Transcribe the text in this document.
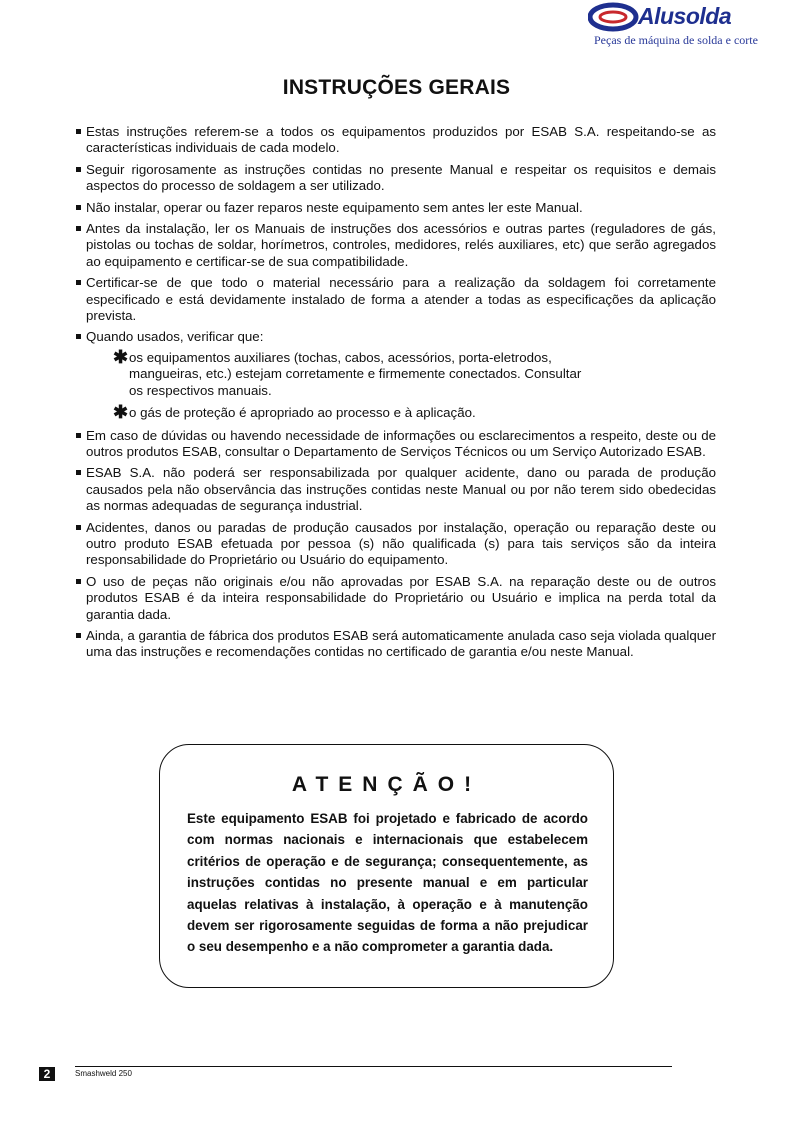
Alusolda
Peças de máquina de solda e corte
INSTRUÇÕES GERAIS
Estas instruções referem-se a todos os equipamentos produzidos por ESAB S.A. respeitando-se as características individuais de cada modelo.
Seguir rigorosamente as instruções contidas no presente Manual e respeitar os requisitos e demais aspectos do processo de soldagem a ser utilizado.
Não instalar, operar ou fazer reparos neste equipamento sem antes ler este Manual.
Antes da instalação, ler os Manuais de instruções dos acessórios e outras partes (reguladores de gás, pistolas ou tochas de soldar, horímetros, controles, medidores, relés auxiliares, etc) que serão agregados ao equipamento e certificar-se de sua compatibilidade.
Certificar-se de que todo o material necessário para a realização da soldagem foi corretamente especificado e está devidamente instalado de forma a atender a todas as especificações da aplicação prevista.
Quando usados, verificar que:
✱ os equipamentos auxiliares (tochas, cabos, acessórios, porta-eletrodos, mangueiras, etc.) estejam corretamente e firmemente conectados. Consultar os respectivos manuais.
✱ o gás de proteção é apropriado ao processo e à aplicação.
Em caso de dúvidas ou havendo necessidade de informações ou esclarecimentos a respeito, deste ou de outros produtos ESAB, consultar o Departamento de Serviços Técnicos ou um Serviço Autorizado ESAB.
ESAB S.A. não poderá ser responsabilizada por qualquer acidente, dano ou parada de produção causados pela não observância das instruções contidas neste Manual ou por não terem sido obedecidas as normas adequadas de segurança industrial.
Acidentes, danos ou paradas de produção causados por instalação, operação ou reparação deste ou outro produto ESAB efetuada por pessoa (s) não qualificada (s) para tais serviços são da inteira responsabilidade do Proprietário ou Usuário do equipamento.
O uso de peças não originais e/ou não aprovadas por ESAB S.A. na reparação deste ou de outros produtos ESAB é da inteira responsabilidade do Proprietário ou Usuário e implica na perda total da garantia dada.
Ainda, a garantia de fábrica dos produtos ESAB será automaticamente anulada caso seja violada qualquer uma das instruções e recomendações contidas no certificado de garantia e/ou neste Manual.
ATENÇÃO!
Este equipamento ESAB foi projetado e fabricado de acordo com normas nacionais e internacionais que estabelecem critérios de operação e de segurança; consequentemente, as instruções contidas no presente manual e em particular aquelas relativas à instalação, à operação e à manutenção devem ser rigorosamente seguidas de forma a não prejudicar o seu desempenho e a não comprometer a garantia dada.
2	Smashweld 250
